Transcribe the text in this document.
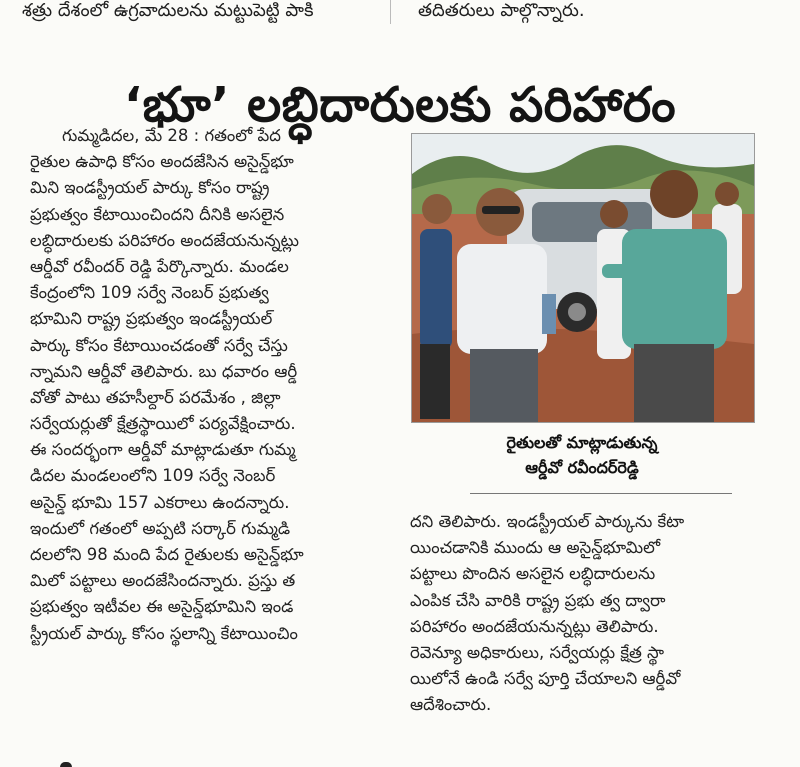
శత్రు దేశంలో ఉగ్రవాదులను మట్టుపెట్టి పాకి	తదితరులు పాల్గొన్నారు.
‘భూ’ లబ్ధిదారులకు పరిహారం
గుమ్మడిదల, మే 28 : గతంలో పేద
రైతుల ఉపాధి కోసం అందజేసిన అసైన్డ్‌భూ
మిని ఇండస్ట్రీయల్ పార్కు కోసం రాష్ట్ర
ప్రభుత్వం కేటాయించిందని దీనికి అసలైన
లబ్ధిదారులకు పరిహారం అందజేయనున్నట్లు
ఆర్డీవో రవీందర్ రెడ్డి పేర్కొన్నారు. మండల
కేంద్రంలోని 109 సర్వే నెంబర్ ప్రభుత్వ
భూమిని రాష్ట్ర ప్రభుత్వం ఇండస్ట్రీయల్
పార్కు కోసం కేటాయించడంతో సర్వే చేస్తు
న్నామని ఆర్డీవో తెలిపారు. బు ధవారం ఆర్డీ
వోతో పాటు తహసీల్దార్ పరమేశం , జిల్లా
సర్వేయర్లుతో క్షేత్రస్థాయిలో పర్యవేక్షించారు.
ఈ సందర్భంగా ఆర్డీవో మాట్లాడుతూ గుమ్మ
డిదల మండలంలోని 109 సర్వే నెంబర్
అసైన్డ్ భూమి 157 ఎకరాలు ఉందన్నారు.
ఇందులో గతంలో అప్పటి సర్కార్ గుమ్మడి
దలలోని 98 మంది పేద రైతులకు అసైన్డ్‌భూ
మిలో పట్టాలు అందజేసిందన్నారు. ప్రస్తు త
ప్రభుత్వం ఇటీవల ఈ అసైన్డ్‌భూమిని ఇండ
స్ట్రీయల్ పార్కు కోసం స్థలాన్ని కేటాయించిం
రైతులతో మాట్లాడుతున్న
ఆర్డీవో రవీందర్‌రెడ్డి
దని తెలిపారు. ఇండస్ట్రీయల్ పార్కును కేటా
యించడానికి ముందు ఆ అసైన్డ్‌భూమిలో
పట్టాలు పొందిన అసలైన లబ్ధిదారులను
ఎంపిక చేసి వారికి రాష్ట్ర ప్రభు త్వ ద్వారా
పరిహారం అందజేయనున్నట్లు తెలిపారు.
రెవెన్యూ అధికారులు, సర్వేయర్లు క్షేత్ర స్థా
యిలోనే ఉండి సర్వే పూర్తి చేయాలని ఆర్డీవో
ఆదేశించారు.
